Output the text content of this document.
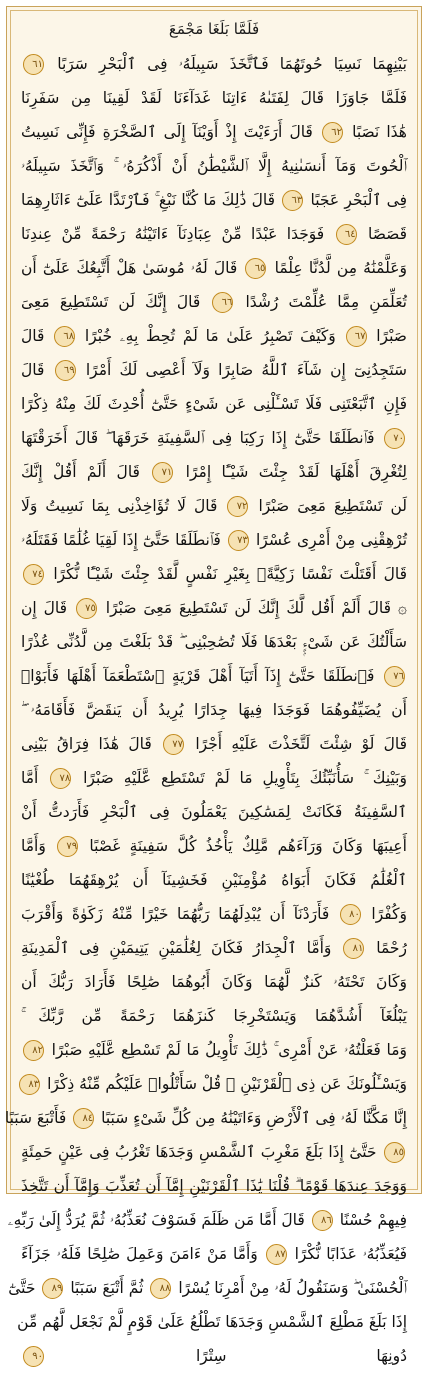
فَلَمَّا بَلَغَا مَجْمَعَ
بَيْنِهِمَا نَسِيَا حُوتَهُمَا فَٱتَّخَذَ سَبِيلَهُۥ فِى ٱلْبَحْرِ سَرَبًا ٦١
فَلَمَّا جَاوَزَا قَالَ لِفَتَىٰهُ ءَاتِنَا غَدَآءَنَا لَقَدْ لَقِينَا مِن سَفَرِنَا
هَٰذَا نَصَبًا ٦٢ قَالَ أَرَءَيْتَ إِذْ أَوَيْنَآ إِلَى ٱلصَّخْرَةِ فَإِنِّى نَسِيتُ
ٱلْحُوتَ وَمَآ أَنسَىٰنِيهُ إِلَّا ٱلشَّيْطَٰنُ أَنْ أَذْكُرَهُۥ ۚ وَٱتَّخَذَ سَبِيلَهُۥ
فِى ٱلْبَحْرِ عَجَبًا ٦٣ قَالَ ذَٰلِكَ مَا كُنَّا نَبْغِ ۚ فَٱرْتَدَّا عَلَىٰٓ ءَاثَارِهِمَا
قَصَصًا ٦٤ فَوَجَدَا عَبْدًا مِّنْ عِبَادِنَآ ءَاتَيْنَٰهُ رَحْمَةً مِّنْ عِندِنَا
وَعَلَّمْنَٰهُ مِن لَّدُنَّا عِلْمًا ٦٥ قَالَ لَهُۥ مُوسَىٰ هَلْ أَتَّبِعُكَ عَلَىٰٓ أَن
تُعَلِّمَنِ مِمَّا عُلِّمْتَ رُشْدًا ٦٦ قَالَ إِنَّكَ لَن تَسْتَطِيعَ مَعِىَ
صَبْرًا ٦٧ وَكَيْفَ تَصْبِرُ عَلَىٰ مَا لَمْ تُحِطْ بِهِۦ خُبْرًا ٦٨ قَالَ
سَتَجِدُنِىٓ إِن شَآءَ ٱللَّهُ صَابِرًا وَلَآ أَعْصِى لَكَ أَمْرًا ٦٩ قَالَ
فَإِنِ ٱتَّبَعْتَنِى فَلَا تَسْـَٔلْنِى عَن شَىْءٍ حَتَّىٰٓ أُحْدِثَ لَكَ مِنْهُ ذِكْرًا
٧٠ فَٱنطَلَقَا حَتَّىٰٓ إِذَا رَكِبَا فِى ٱلسَّفِينَةِ خَرَقَهَا ۖ قَالَ أَخَرَقْتَهَا
لِتُغْرِقَ أَهْلَهَا لَقَدْ جِئْتَ شَيْـًٔا إِمْرًا ٧١ قَالَ أَلَمْ أَقُلْ إِنَّكَ
لَن تَسْتَطِيعَ مَعِىَ صَبْرًا ٧٢ قَالَ لَا تُؤَاخِذْنِى بِمَا نَسِيتُ وَلَا
تُرْهِقْنِى مِنْ أَمْرِى عُسْرًا ٧٣ فَٱنطَلَقَا حَتَّىٰٓ إِذَا لَقِيَا غُلَٰمًا فَقَتَلَهُۥ
قَالَ أَقَتَلْتَ نَفْسًا زَكِيَّةًۢ بِغَيْرِ نَفْسٍ لَّقَدْ جِئْتَ شَيْـًٔا نُّكْرًا ٧٤
۞ قَالَ أَلَمْ أَقُل لَّكَ إِنَّكَ لَن تَسْتَطِيعَ مَعِىَ صَبْرًا ٧٥ قَالَ إِن
سَأَلْتُكَ عَن شَىْءٍۭ بَعْدَهَا فَلَا تُصَٰحِبْنِى ۖ قَدْ بَلَغْتَ مِن لَّدُنِّى عُذْرًا
٧٦ فَٱنطَلَقَا حَتَّىٰٓ إِذَآ أَتَيَآ أَهْلَ قَرْيَةٍ ٱسْتَطْعَمَآ أَهْلَهَا فَأَبَوْا۟
أَن يُضَيِّفُوهُمَا فَوَجَدَا فِيهَا جِدَارًا يُرِيدُ أَن يَنقَضَّ فَأَقَامَهُۥ ۖ
قَالَ لَوْ شِئْتَ لَتَّخَذْتَ عَلَيْهِ أَجْرًا ٧٧ قَالَ هَٰذَا فِرَاقُ بَيْنِى
وَبَيْنِكَ ۚ سَأُنَبِّئُكَ بِتَأْوِيلِ مَا لَمْ تَسْتَطِع عَّلَيْهِ صَبْرًا ٧٨ أَمَّا
ٱلسَّفِينَةُ فَكَانَتْ لِمَسَٰكِينَ يَعْمَلُونَ فِى ٱلْبَحْرِ فَأَرَدتُّ أَنْ
أَعِيبَهَا وَكَانَ وَرَآءَهُم مَّلِكٌ يَأْخُذُ كُلَّ سَفِينَةٍ غَصْبًا ٧٩ وَأَمَّا
ٱلْغُلَٰمُ فَكَانَ أَبَوَاهُ مُؤْمِنَيْنِ فَخَشِينَآ أَن يُرْهِقَهُمَا طُغْيَٰنًا
وَكُفْرًا ٨٠ فَأَرَدْنَآ أَن يُبْدِلَهُمَا رَبُّهُمَا خَيْرًا مِّنْهُ زَكَوٰةً وَأَقْرَبَ
رُحْمًا ٨١ وَأَمَّا ٱلْجِدَارُ فَكَانَ لِغُلَٰمَيْنِ يَتِيمَيْنِ فِى ٱلْمَدِينَةِ
وَكَانَ تَحْتَهُۥ كَنزٌ لَّهُمَا وَكَانَ أَبُوهُمَا صَٰلِحًا فَأَرَادَ رَبُّكَ أَن
يَبْلُغَآ أَشُدَّهُمَا وَيَسْتَخْرِجَا كَنزَهُمَا رَحْمَةً مِّن رَّبِّكَ ۚ
وَمَا فَعَلْتُهُۥ عَنْ أَمْرِى ۚ ذَٰلِكَ تَأْوِيلُ مَا لَمْ تَسْطِع عَّلَيْهِ صَبْرًا ٨٢
وَيَسْـَٔلُونَكَ عَن ذِى ٱلْقَرْنَيْنِ ۖ قُلْ سَأَتْلُوا۟ عَلَيْكُم مِّنْهُ ذِكْرًا ٨٣
إِنَّا مَكَّنَّا لَهُۥ فِى ٱلْأَرْضِ وَءَاتَيْنَٰهُ مِن كُلِّ شَىْءٍ سَبَبًا ٨٤ فَأَتْبَعَ سَبَبًا
٨٥ حَتَّىٰٓ إِذَا بَلَغَ مَغْرِبَ ٱلشَّمْسِ وَجَدَهَا تَغْرُبُ فِى عَيْنٍ حَمِئَةٍ
وَوَجَدَ عِندَهَا قَوْمًا ۗ قُلْنَا يَٰذَا ٱلْقَرْنَيْنِ إِمَّآ أَن تُعَذِّبَ وَإِمَّآ أَن تَتَّخِذَ
فِيهِمْ حُسْنًا ٨٦ قَالَ أَمَّا مَن ظَلَمَ فَسَوْفَ نُعَذِّبُهُۥ ثُمَّ يُرَدُّ إِلَىٰ رَبِّهِۦ
فَيُعَذِّبُهُۥ عَذَابًا نُّكْرًا ٨٧ وَأَمَّا مَنْ ءَامَنَ وَعَمِلَ صَٰلِحًا فَلَهُۥ جَزَآءً
ٱلْحُسْنَىٰ ۖ وَسَنَقُولُ لَهُۥ مِنْ أَمْرِنَا يُسْرًا ٨٨ ثُمَّ أَتْبَعَ سَبَبًا ٨٩ حَتَّىٰٓ
إِذَا بَلَغَ مَطْلِعَ ٱلشَّمْسِ وَجَدَهَا تَطْلُعُ عَلَىٰ قَوْمٍ لَّمْ نَجْعَل لَّهُم مِّن
دُونِهَا سِتْرًا ٩٠
